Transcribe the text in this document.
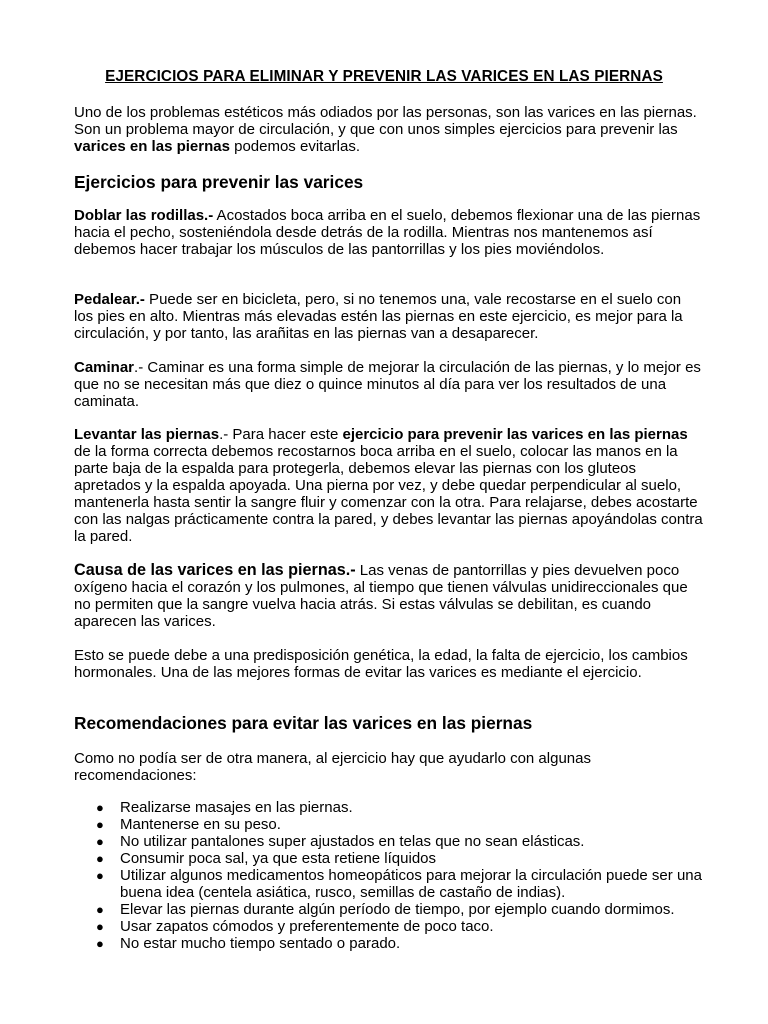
EJERCICIOS PARA ELIMINAR Y PREVENIR LAS VARICES EN LAS PIERNAS

Uno de los problemas estéticos más odiados por las personas, son las varices en las piernas. Son un problema mayor de circulación, y que con unos simples ejercicios para prevenir las varices en las piernas podemos evitarlas.

Ejercicios para prevenir las varices

Doblar las rodillas.- Acostados boca arriba en el suelo, debemos flexionar una de las piernas hacia el pecho, sosteniéndola desde detrás de la rodilla. Mientras nos mantenemos así debemos hacer trabajar los músculos de las pantorrillas y los pies moviéndolos.

Pedalear.- Puede ser en bicicleta, pero, si no tenemos una, vale recostarse en el suelo con los pies en alto. Mientras más elevadas estén las piernas en este ejercicio, es mejor para la circulación, y por tanto, las arañitas en las piernas van a desaparecer.

Caminar.- Caminar es una forma simple de mejorar la circulación de las piernas, y lo mejor es que no se necesitan más que diez o quince minutos al día para ver los resultados de una caminata.

Levantar las piernas.- Para hacer este ejercicio para prevenir las varices en las piernas de la forma correcta debemos recostarnos boca arriba en el suelo, colocar las manos en la parte baja de la espalda para protegerla, debemos elevar las piernas con los gluteos apretados y la espalda apoyada. Una pierna por vez, y debe quedar perpendicular al suelo, mantenerla hasta sentir la sangre fluir y comenzar con la otra. Para relajarse, debes acostarte con las nalgas prácticamente contra la pared, y debes levantar las piernas apoyándolas contra la pared.

Causa de las varices en las piernas.- Las venas de pantorrillas y pies devuelven poco oxígeno hacia el corazón y los pulmones, al tiempo que tienen válvulas unidireccionales que no permiten que la sangre vuelva hacia atrás. Si estas válvulas se debilitan, es cuando aparecen las varices.

Esto se puede debe a una predisposición genética, la edad, la falta de ejercicio, los cambios hormonales. Una de las mejores formas de evitar las varices es mediante el ejercicio.

Recomendaciones para evitar las varices en las piernas

Como no podía ser de otra manera, al ejercicio hay que ayudarlo con algunas recomendaciones:

● Realizarse masajes en las piernas.
● Mantenerse en su peso.
● No utilizar pantalones super ajustados en telas que no sean elásticas.
● Consumir poca sal, ya que esta retiene líquidos
● Utilizar algunos medicamentos homeopáticos para mejorar la circulación puede ser una buena idea (centela asiática, rusco, semillas de castaño de indias).
● Elevar las piernas durante algún período de tiempo, por ejemplo cuando dormimos.
● Usar zapatos cómodos y preferentemente de poco taco.
● No estar mucho tiempo sentado o parado.
